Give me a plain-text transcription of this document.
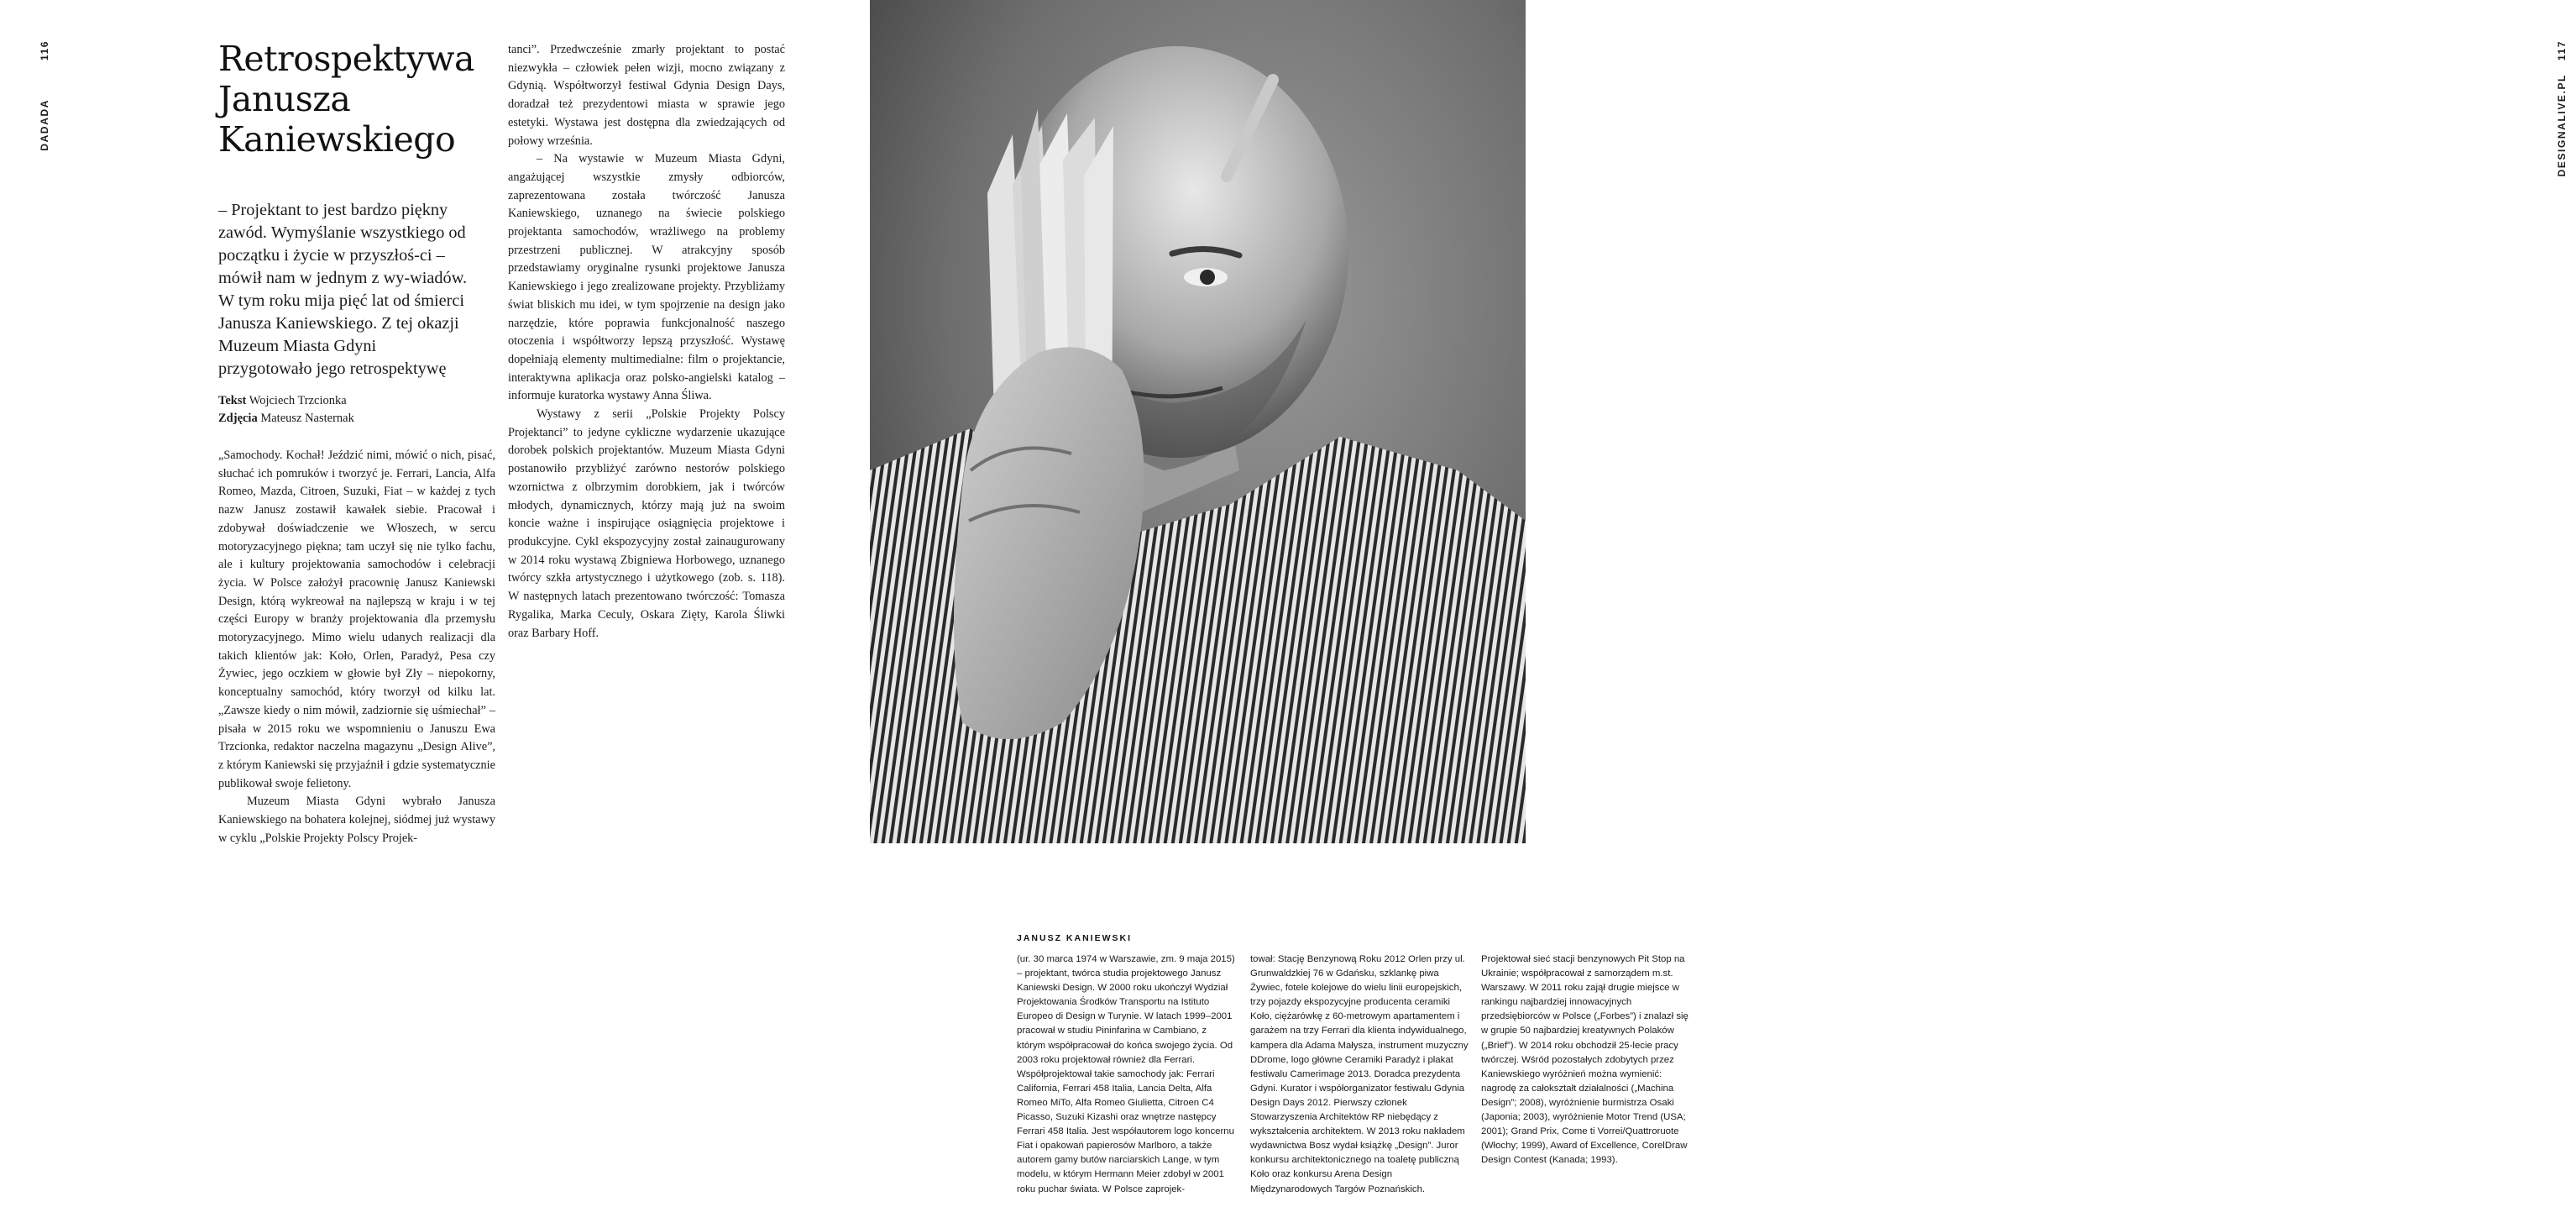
116
DADADA
Retrospektywa
Janusza
Kaniewskiego
– Projektant to jest bardzo piękny zawód. Wymyślanie wszystkiego od początku i życie w przyszłoś-ci – mówił nam w jednym z wy-wiadów. W tym roku mija pięć lat od śmierci Janusza Kaniewskiego. Z tej okazji Muzeum Miasta Gdyni przygotowało jego retrospektywę
Tekst Wojciech Trzcionka
Zdjęcia Mateusz Nasternak

„Samochody. Kochał! Jeździć nimi, mówić o nich, pisać, słuchać ich pomruków i tworzyć je. Ferrari, Lancia, Alfa Romeo, Mazda, Citroen, Suzuki, Fiat – w każdej z tych nazw Janusz zostawił kawałek siebie. Pracował i zdobywał doświadczenie we Włoszech, w sercu motoryzacyjnego piękna; tam uczył się nie tylko fachu, ale i kultury projektowania samochodów i celebracji życia. W Polsce założył pracownię Janusz Kaniewski Design, którą wykreował na najlepszą w kraju i w tej części Europy w branży projektowania dla przemysłu motoryzacyjnego. Mimo wielu udanych realizacji dla takich klientów jak: Koło, Orlen, Paradyż, Pesa czy Żywiec, jego oczkiem w głowie był Zły – niepokorny, konceptualny samochód, który tworzył od kilku lat. „Zawsze kiedy o nim mówił, zadziornie się uśmiechał” – pisała w 2015 roku we wspomnieniu o Januszu Ewa Trzcionka, redaktor naczelna magazynu „Design Alive”, z którym Kaniewski się przyjaźnił i gdzie systematycznie publikował swoje felietony.

Muzeum Miasta Gdyni wybrało Janusza Kaniewskiego na bohatera kolejnej, siódmej już wystawy w cyklu „Polskie Projekty Polscy Projek-

tanci”. Przedwcześnie zmarły projektant to postać niezwykła – człowiek pełen wizji, mocno związany z Gdynią. Współtworzył festiwal Gdynia Design Days, doradzał też prezydentowi miasta w sprawie jego estetyki. Wystawa jest dostępna dla zwiedzających od połowy września.

– Na wystawie w Muzeum Miasta Gdyni, angażującej wszystkie zmysły odbiorców, zaprezentowana została twórczość Janusza Kaniewskiego, uznanego na świecie polskiego projektanta samochodów, wrażliwego na problemy przestrzeni publicznej. W atrakcyjny sposób przedstawiamy oryginalne rysunki projektowe Janusza Kaniewskiego i jego zrealizowane projekty. Przybliżamy świat bliskich mu idei, w tym spojrzenie na design jako narzędzie, które poprawia funkcjonalność naszego otoczenia i współtworzy lepszą przyszłość. Wystawę dopełniają elementy multimedialne: film o projektancie, interaktywna aplikacja oraz polsko-angielski katalog – informuje kuratorka wystawy Anna Śliwa.

Wystawy z serii „Polskie Projekty Polscy Projektanci” to jedyne cykliczne wydarzenie ukazujące dorobek polskich projektantów. Muzeum Miasta Gdyni postanowiło przybliżyć zarówno nestorów polskiego wzornictwa z olbrzymim dorobkiem, jak i twórców młodych, dynamicznych, którzy mają już na swoim koncie ważne i inspirujące osiągnięcia projektowe i produkcyjne. Cykl ekspozycyjny został zainaugurowany w 2014 roku wystawą Zbigniewa Horbowego, uznanego twórcy szkła artystycznego i użytkowego (zob. s. 118). W następnych latach prezentowano twórczość: Tomasza Rygalika, Marka Ceculy, Oskara Zięty, Karola Śliwki oraz Barbary Hoff.

117
DESIGNALIVE.PL
JANUSZ KANIEWSKI

(ur. 30 marca 1974 w Warszawie, zm. 9 maja 2015) – projektant, twórca studia projektowego Janusz Kaniewski Design. W 2000 roku ukończył Wydział Projektowania Środków Transportu na Istituto Europeo di Design w Turynie. W latach 1999–2001 pracował w studiu Pininfarina w Cambiano, z którym współpracował do końca swojego życia. Od 2003 roku projektował również dla Ferrari. Współprojektował takie samochody jak: Ferrari California, Ferrari 458 Italia, Lancia Delta, Alfa Romeo MiTo, Alfa Romeo Giulietta, Citroen C4 Picasso, Suzuki Kizashi oraz wnętrze następcy Ferrari 458 Italia. Jest współautorem logo koncernu Fiat i opakowań papierosów Marlboro, a także autorem gamy butów narciarskich Lange, w tym modelu, w którym Hermann Meier zdobył w 2001 roku puchar świata. W Polsce zaprojek-

tował: Stację Benzynową Roku 2012 Orlen przy ul. Grunwaldzkiej 76 w Gdańsku, szklankę piwa Żywiec, fotele kolejowe do wielu linii europejskich, trzy pojazdy ekspozycyjne producenta ceramiki Koło, ciężarówkę z 60-metrowym apartamentem i garażem na trzy Ferrari dla klienta indywidualnego, kampera dla Adama Małysza, instrument muzyczny DDrome, logo główne Ceramiki Paradyż i plakat festiwalu Camerimage 2013. Doradca prezydenta Gdyni. Kurator i współorganizator festiwalu Gdynia Design Days 2012. Pierwszy członek Stowarzyszenia Architektów RP niebędący z wykształcenia architektem. W 2013 roku nakładem wydawnictwa Bosz wydał książkę „Design”. Juror konkursu architektonicznego na toaletę publiczną Koło oraz konkursu Arena Design Międzynarodowych Targów Poznańskich.

Projektował sieć stacji benzynowych Pit Stop na Ukrainie; współpracował z samorządem m.st. Warszawy. W 2011 roku zajął drugie miejsce w rankingu najbardziej innowacyjnych przedsiębiorców w Polsce („Forbes”) i znalazł się w grupie 50 najbardziej kreatywnych Polaków („Brief”). W 2014 roku obchodził 25-lecie pracy twórczej. Wśród pozostałych zdobytych przez Kaniewskiego wyróżnień można wymienić: nagrodę za całokształt działalności („Machina Design”; 2008), wyróżnienie burmistrza Osaki (Japonia; 2003), wyróżnienie Motor Trend (USA; 2001); Grand Prix, Come ti Vorrei/Quattroruote (Włochy; 1999), Award of Excellence, CorelDraw Design Contest (Kanada; 1993).
